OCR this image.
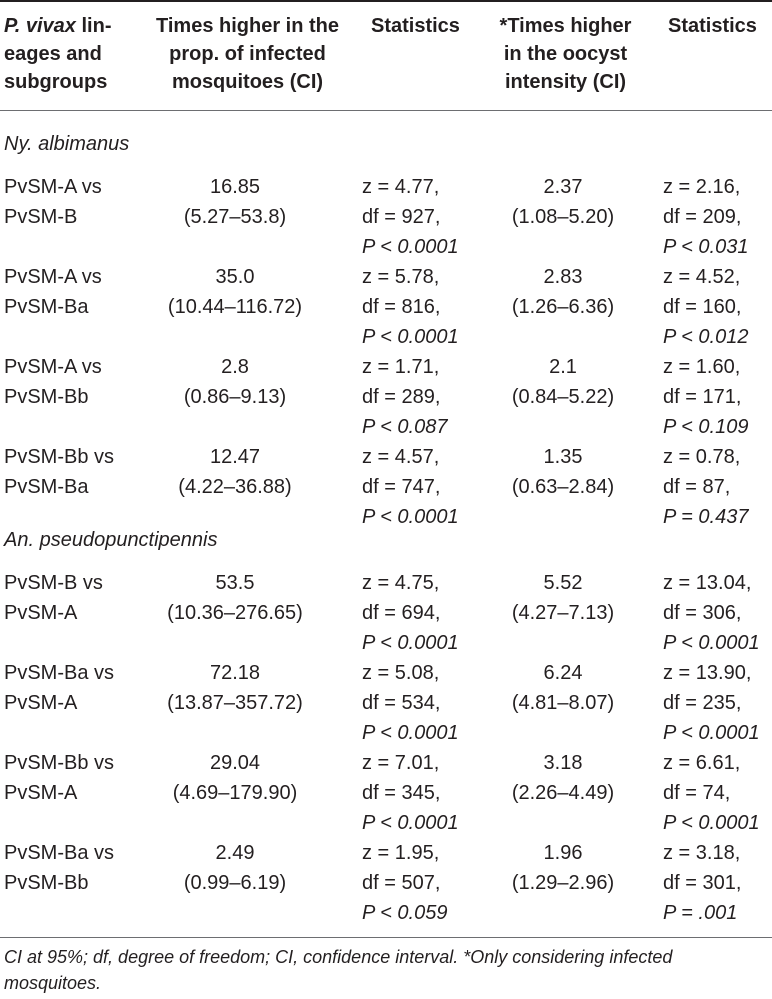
P. vivax lin-
eages and
subgroups
Times higher in the
prop. of infected
mosquitoes (CI)
Statistics	*Times higher
in the oocyst
intensity (CI)
Statistics
Ny. albimanus
PvSM-A vs
PvSM-B
16.85
(5.27–53.8)
z = 4.77,
df = 927,
P < 0.0001
2.37
(1.08–5.20)
z = 2.16,
df = 209,
P < 0.031
PvSM-A vs
PvSM-Ba
35.0
(10.44–116.72)
z = 5.78,
df = 816,
P < 0.0001
2.83
(1.26–6.36)
z = 4.52,
df = 160,
P < 0.012
PvSM-A vs
PvSM-Bb
2.8
(0.86–9.13)
z = 1.71,
df = 289,
P < 0.087
2.1
(0.84–5.22)
z = 1.60,
df = 171,
P < 0.109
PvSM-Bb vs
PvSM-Ba
12.47
(4.22–36.88)
z = 4.57,
df = 747,
P < 0.0001
1.35
(0.63–2.84)
z = 0.78,
df = 87,
P = 0.437
An. pseudopunctipennis
PvSM-B vs
PvSM-A
53.5
(10.36–276.65)
z = 4.75,
df = 694,
P < 0.0001
5.52
(4.27–7.13)
z = 13.04,
df = 306,
P < 0.0001
PvSM-Ba vs
PvSM-A
72.18
(13.87–357.72)
z = 5.08,
df = 534,
P < 0.0001
6.24
(4.81–8.07)
z = 13.90,
df = 235,
P < 0.0001
PvSM-Bb vs
PvSM-A
29.04
(4.69–179.90)
z = 7.01,
df = 345,
P < 0.0001
3.18
(2.26–4.49)
z = 6.61,
df = 74,
P < 0.0001
PvSM-Ba vs
PvSM-Bb
2.49
(0.99–6.19)
z = 1.95,
df = 507,
P < 0.059
1.96
(1.29–2.96)
z = 3.18,
df = 301,
P = .001
CI at 95%; df, degree of freedom; CI, confidence interval. *Only considering infected
mosquitoes.
